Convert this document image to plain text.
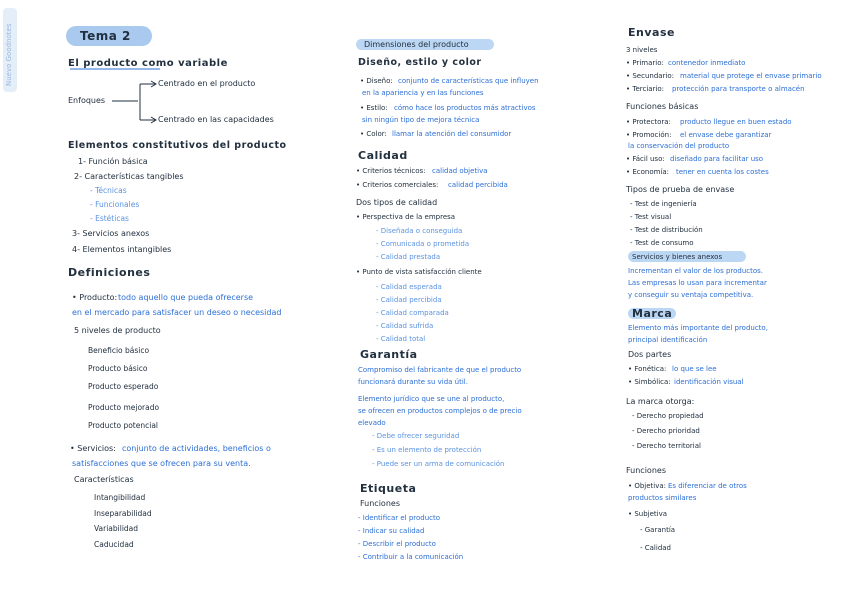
Nuevo Goodnotes	Tema 2
El producto como variable
Enfoques
Centrado en el producto
Centrado en las capacidades
Elementos constitutivos del producto
1- Función básica
2- Características tangibles
- Técnicas
- Funcionales
- Estéticas
3- Servicios anexos
4- Elementos intangibles
Definiciones
• Producto: todo aquello que pueda ofrecerse
en el mercado para satisfacer un deseo o necesidad
5 niveles de producto
Beneficio básico
Producto básico
Producto esperado
Producto mejorado
Producto potencial
• Servicios: conjunto de actividades, beneficios o
satisfacciones que se ofrecen para su venta.
Características
Intangibilidad
Inseparabilidad
Variabilidad
Caducidad
Dimensiones del producto
Diseño, estilo y color
• Diseño: conjunto de características que influyen
en la apariencia y en las funciones
• Estilo: cómo hace los productos más atractivos
sin ningún tipo de mejora técnica
• Color: llamar la atención del consumidor
Calidad
• Criterios técnicos: calidad objetiva
• Criterios comerciales: calidad percibida
Dos tipos de calidad
• Perspectiva de la empresa
- Diseñada o conseguida
- Comunicada o prometida
- Calidad prestada
• Punto de vista satisfacción cliente
- Calidad esperada
- Calidad percibida
- Calidad comparada
- Calidad sufrida
- Calidad total
Garantía
Compromiso del fabricante de que el producto
funcionará durante su vida útil.
Elemento jurídico que se une al producto,
se ofrecen en productos complejos o de precio
elevado
- Debe ofrecer seguridad
- Es un elemento de protección
- Puede ser un arma de comunicación
Etiqueta
Funciones
- Identificar el producto
- Indicar su calidad
- Describir el producto
- Contribuir a la comunicación
Envase
3 niveles
• Primario: contenedor inmediato
• Secundario: material que protege el envase primario
• Terciario: protección para transporte o almacén
Funciones básicas
• Protectora: producto llegue en buen estado
• Promoción: el envase debe garantizar
la conservación del producto
• Fácil uso: diseñado para facilitar uso
• Economía: tener en cuenta los costes
Tipos de prueba de envase
- Test de ingeniería
- Test visual
- Test de distribución
- Test de consumo
Servicios y bienes anexos
Incrementan el valor de los productos.
Las empresas lo usan para incrementar
y conseguir su ventaja competitiva.
Marca
Elemento más importante del producto,
principal identificación
Dos partes
• Fonética: lo que se lee
• Simbólica: identificación visual
La marca otorga:
- Derecho propiedad
- Derecho prioridad
- Derecho territorial
Funciones
• Objetiva: Es diferenciar de otros
productos similares
• Subjetiva
- Garantía
- Calidad
